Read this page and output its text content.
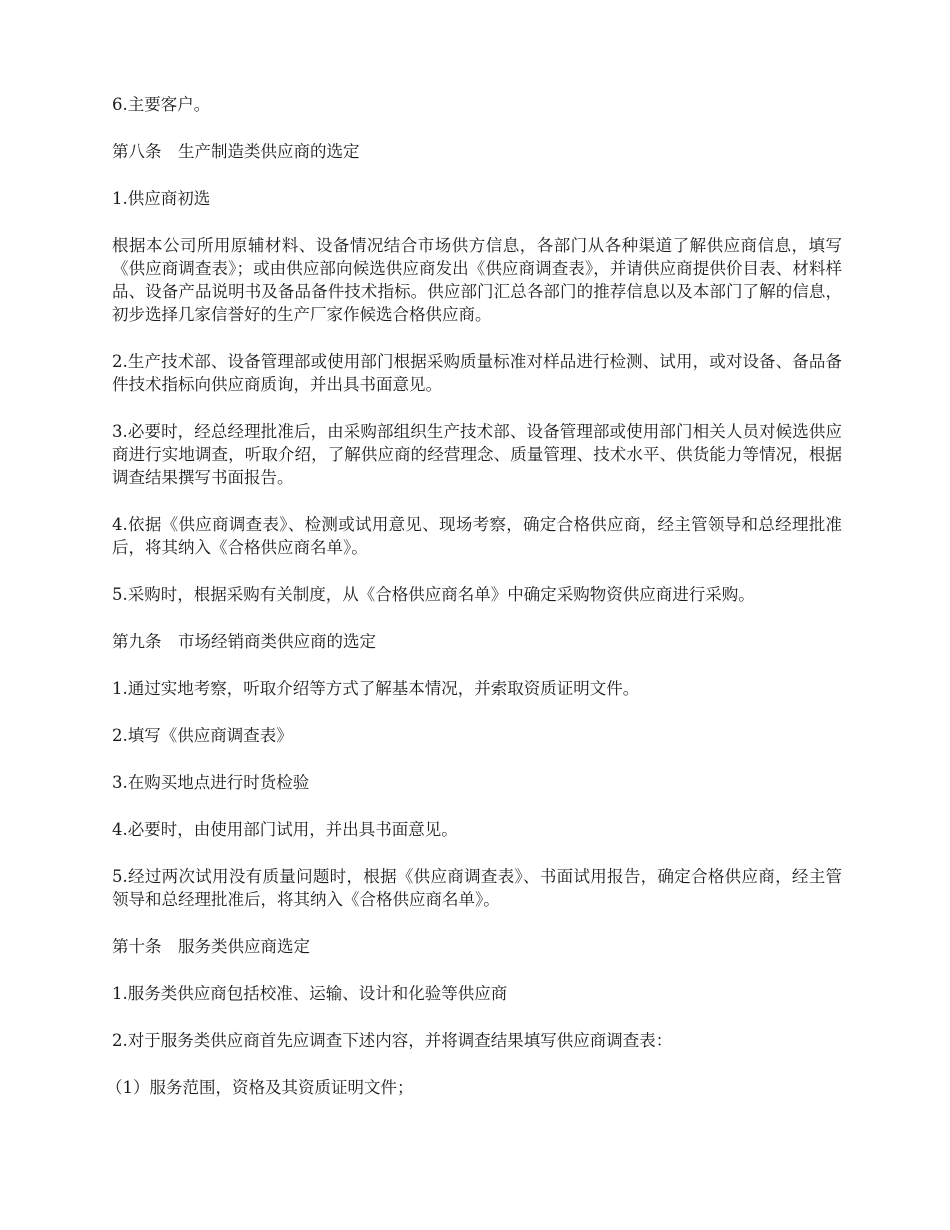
6.主要客户。

第八条　生产制造类供应商的选定

1.供应商初选

根据本公司所用原辅材料、设备情况结合市场供方信息，各部门从各种渠道了解供应商信息，填写《供应商调查表》；或由供应部向候选供应商发出《供应商调查表》，并请供应商提供价目表、材料样品、设备产品说明书及备品备件技术指标。供应部门汇总各部门的推荐信息以及本部门了解的信息，初步选择几家信誉好的生产厂家作候选合格供应商。

2.生产技术部、设备管理部或使用部门根据采购质量标准对样品进行检测、试用，或对设备、备品备件技术指标向供应商质询，并出具书面意见。

3.必要时，经总经理批准后，由采购部组织生产技术部、设备管理部或使用部门相关人员对候选供应商进行实地调查，听取介绍，了解供应商的经营理念、质量管理、技术水平、供货能力等情况，根据调查结果撰写书面报告。

4.依据《供应商调查表》、检测或试用意见、现场考察，确定合格供应商，经主管领导和总经理批准后，将其纳入《合格供应商名单》。

5.采购时，根据采购有关制度，从《合格供应商名单》中确定采购物资供应商进行采购。

第九条　市场经销商类供应商的选定

1.通过实地考察，听取介绍等方式了解基本情况，并索取资质证明文件。

2.填写《供应商调查表》

3.在购买地点进行时货检验

4.必要时，由使用部门试用，并出具书面意见。

5.经过两次试用没有质量问题时，根据《供应商调查表》、书面试用报告，确定合格供应商，经主管领导和总经理批准后，将其纳入《合格供应商名单》。

第十条　服务类供应商选定

1.服务类供应商包括校准、运输、设计和化验等供应商

2.对于服务类供应商首先应调查下述内容，并将调查结果填写供应商调查表：

（1）服务范围，资格及其资质证明文件；
